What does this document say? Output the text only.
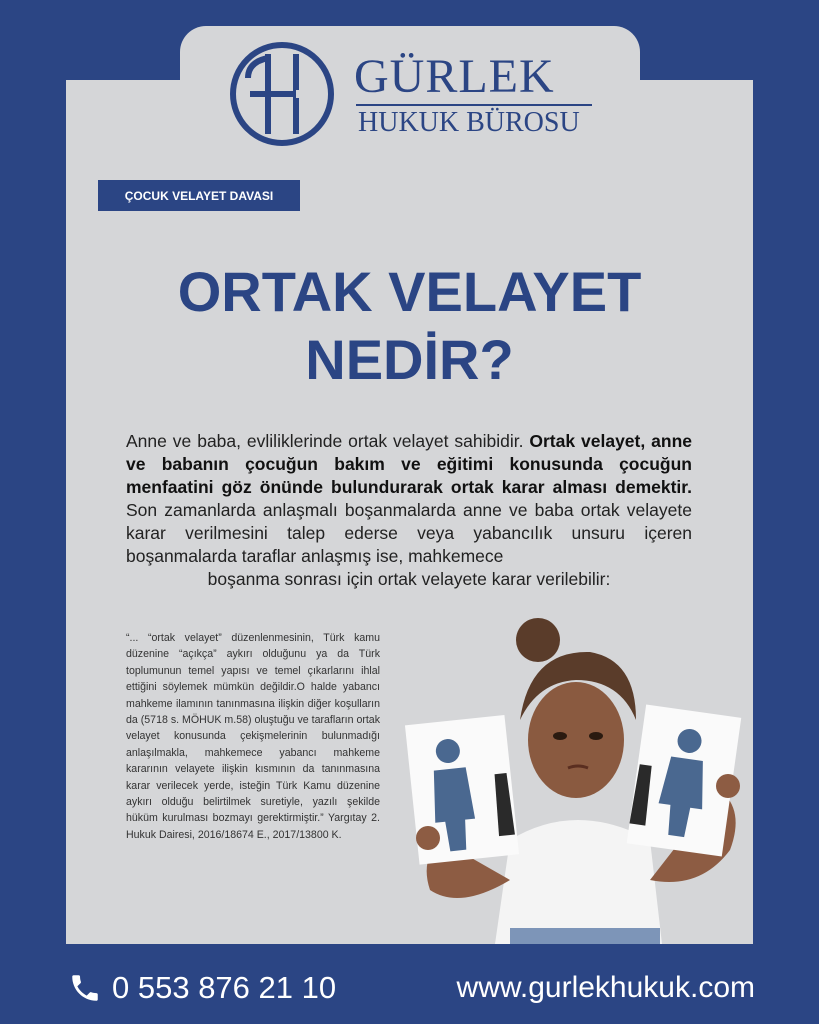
GÜRLEK
HUKUK BÜROSU
ÇOCUK VELAYET DAVASI
ORTAK VELAYET
NEDİR?
Anne ve baba, evliliklerinde ortak velayet sahibidir. Ortak velayet, anne ve babanın çocuğun bakım ve eğitimi konusunda çocuğun menfaatini göz önünde bulundurarak ortak karar alması demektir. Son zamanlarda anlaşmalı boşanmalarda anne ve baba ortak velayete karar verilmesini talep ederse veya yabancılık unsuru içeren boşanmalarda taraflar anlaşmış ise, mahkemece
boşanma sonrası için ortak velayete karar verilebilir:
“... “ortak velayet” düzenlenmesinin, Türk kamu düzenine “açıkça” aykırı olduğunu ya da Türk toplumunun temel yapısı ve temel çıkarlarını ihlal ettiğini söylemek mümkün değildir.O halde yabancı mahkeme ilamının tanınmasına ilişkin diğer koşulların da (5718 s. MÖHUK m.58) oluştuğu ve tarafların ortak velayet konusunda çekişmelerinin bulunmadığı anlaşılmakla, mahkemece yabancı mahkeme kararının velayete ilişkin kısmının da tanınmasına karar verilecek yerde, isteğin Türk Kamu düzenine aykırı olduğu belirtilmek suretiyle, yazılı şekilde hüküm kurulması bozmayı gerektirmiştir.” Yargıtay 2. Hukuk Dairesi, 2016/18674 E., 2017/13800 K.
0 553 876 21 10	www.gurlekhukuk.com
